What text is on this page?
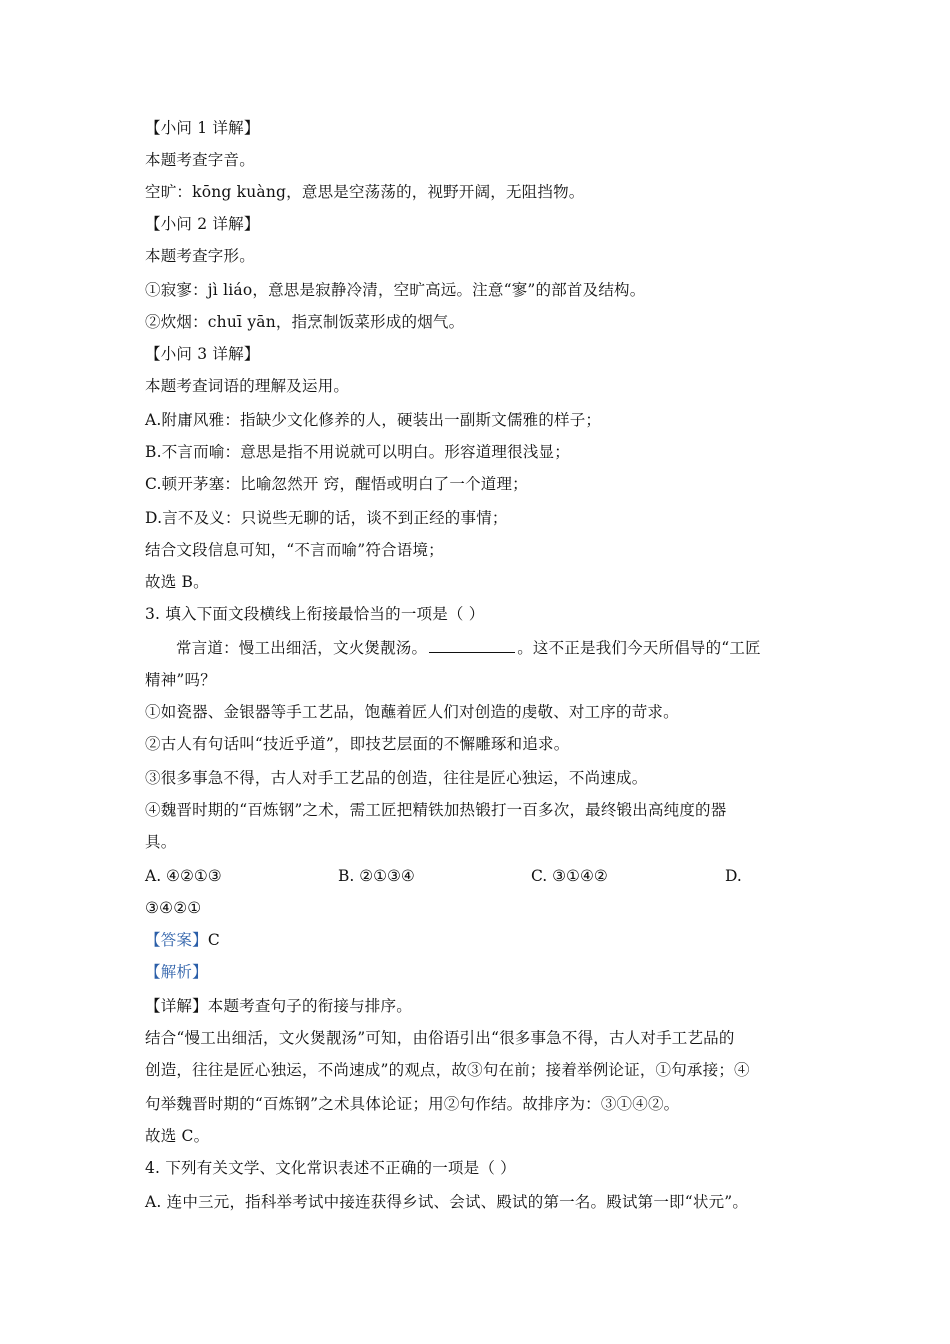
【小问 1 详解】
本题考查字音。
空旷：kōng kuàng，意思是空荡荡的，视野开阔，无阻挡物。
【小问 2 详解】
本题考查字形。
①寂寥：jì liáo，意思是寂静冷清，空旷高远。注意“寥”的部首及结构。
②炊烟：chuī yān，指烹制饭菜形成的烟气。
【小问 3 详解】
本题考查词语的理解及运用。
A.附庸风雅：指缺少文化修养的人，硬装出一副斯文儒雅的样子；
B.不言而喻：意思是指不用说就可以明白。形容道理很浅显；
C.顿开茅塞：比喻忽然开 窍，醒悟或明白了一个道理；
D.言不及义：只说些无聊的话，谈不到正经的事情；
结合文段信息可知，“不言而喻”符合语境；
故选 B。
3. 填入下面文段横线上衔接最恰当的一项是（ ）
常言道：慢工出细活，文火煲靓汤。	。这不正是我们今天所倡导的“工匠
精神”吗？
①如瓷器、金银器等手工艺品，饱蘸着匠人们对创造的虔敬、对工序的苛求。
②古人有句话叫“技近乎道”，即技艺层面的不懈雕琢和追求。
③很多事急不得，古人对手工艺品的创造，往往是匠心独运，不尚速成。
④魏晋时期的“百炼钢”之术，需工匠把精铁加热锻打一百多次，最终锻出高纯度的器
具。
A. ④②①③	B. ②①③④	C. ③①④②	D.
③④②①
【答案】C
【解析】
【详解】本题考查句子的衔接与排序。
结合“慢工出细活，文火煲靓汤”可知，由俗语引出“很多事急不得，古人对手工艺品的
创造，往往是匠心独运，不尚速成”的观点，故③句在前；接着举例论证，①句承接；④
句举魏晋时期的“百炼钢”之术具体论证；用②句作结。故排序为：③①④②。
故选 C。
4. 下列有关文学、文化常识表述不正确的一项是（ ）
A. 连中三元，指科举考试中接连获得乡试、会试、殿试的第一名。殿试第一即“状元”。
